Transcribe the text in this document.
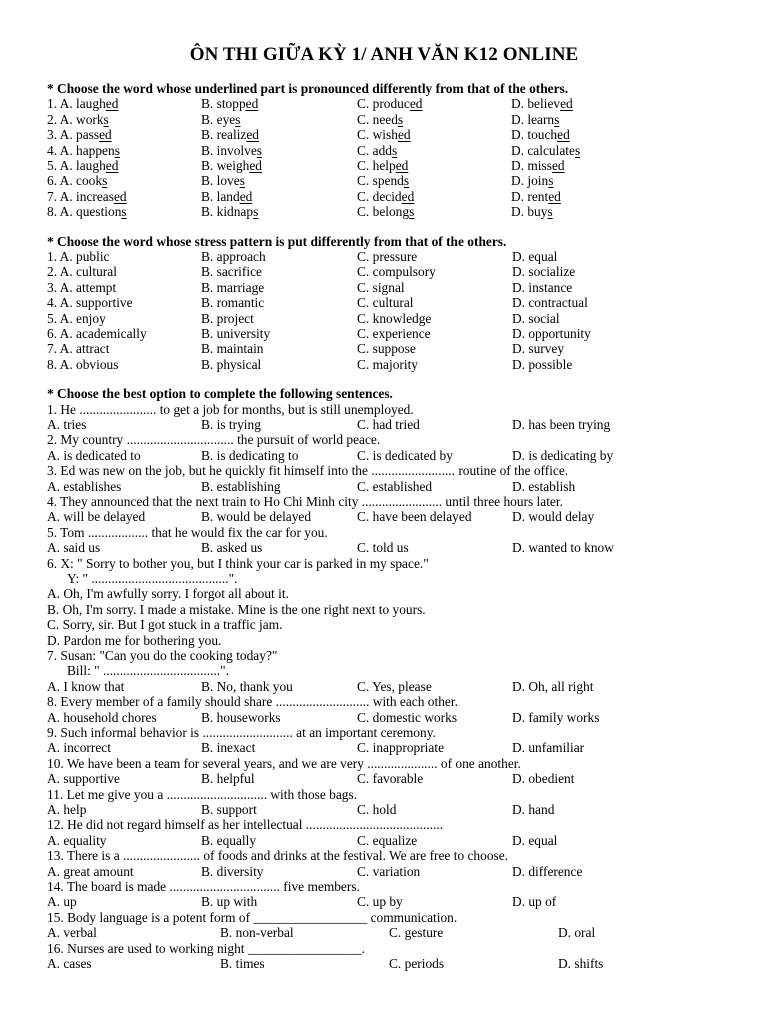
ÔN THI GIỮA KỲ 1/ ANH VĂN K12 ONLINE
* Choose the word whose underlined part is pronounced differently from that of the others.
1. A. laughed	B. stopped	C. produced	D. believed
2. A. works	B. eyes	C. needs	D. learns
3. A. passed	B. realized	C. wished	D. touched
4. A. happens	B. involves	C. adds	D. calculates
5. A. laughed	B. weighed	C. helped	D. missed
6. A. cooks	B. loves	C. spends	D. joins
7. A. increased	B. landed	C. decided	D. rented
8. A. questions	B. kidnaps	C. belongs	D. buys
* Choose the word whose stress pattern is put differently from that of the others.
1. A. public	B. approach	C. pressure	D. equal
2. A. cultural	B. sacrifice	C. compulsory	D. socialize
3. A. attempt	B. marriage	C. signal	D. instance
4. A. supportive	B. romantic	C. cultural	D. contractual
5. A. enjoy	B. project	C. knowledge	D. social
6. A. academically	B. university	C. experience	D. opportunity
7. A. attract	B. maintain	C. suppose	D. survey
8. A. obvious	B. physical	C. majority	D. possible
* Choose the best option to complete the following sentences.
1. He ....................... to get a job for months, but is still unemployed.
A. tries	B. is trying	C. had tried	D. has been trying
2. My country ................................ the pursuit of world peace.
A. is dedicated to	B. is dedicating to	C. is dedicated by	D. is dedicating by
3. Ed was new on the job, but he quickly fit himself into the ......................... routine of the office.
A. establishes	B. establishing	C. established	D. establish
4. They announced that the next train to Ho Chi Minh city ........................ until three hours later.
A. will be delayed	B. would be delayed	C. have been delayed	D. would delay
5. Tom .................. that he would fix the car for you.
A. said us	B. asked us	C. told us	D. wanted to know
6. X: " Sorry to bother you, but I think your car is parked in my space."
Y: " .........................................".
A. Oh, I'm awfully sorry. I forgot all about it.
B. Oh, I'm sorry. I made a mistake. Mine is the one right next to yours.
C. Sorry, sir. But I got stuck in a traffic jam.
D. Pardon me for bothering you.
7. Susan: "Can you do the cooking today?"
Bill: " ...................................".
A. I know that	B. No, thank you	C. Yes, please	D. Oh, all right
8. Every member of a family should share ............................ with each other.
A. household chores	B. houseworks	C. domestic works	D. family works
9. Such informal behavior is ........................... at an important ceremony.
A. incorrect	B. inexact	C. inappropriate	D. unfamiliar
10. We have been a team for several years, and we are very ..................... of one another.
A. supportive	B. helpful	C. favorable	D. obedient
11. Let me give you a .............................. with those bags.
A. help	B. support	C. hold	D. hand
12. He did not regard himself as her intellectual .........................................
A. equality	B. equally	C. equalize	D. equal
13. There is a ....................... of foods and drinks at the festival. We are free to choose.
A. great amount	B. diversity	C. variation	D. difference
14. The board is made ................................. five members.
A. up	B. up with	C. up by	D. up of
15. Body language is a potent form of _________________ communication.
A. verbal	B. non-verbal	C. gesture	D. oral
16. Nurses are used to working night _________________.
A. cases	B. times	C. periods	D. shifts
